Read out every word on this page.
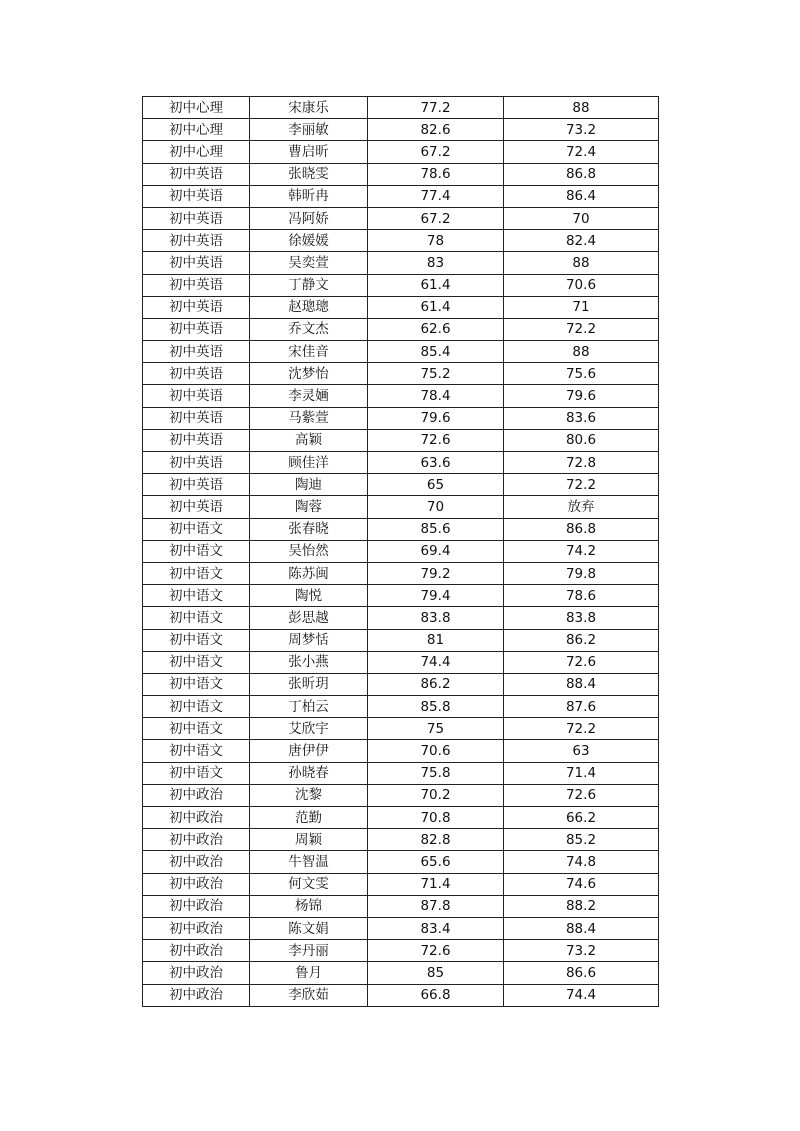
初中心理	宋康乐	77.2	88
初中心理	李丽敏	82.6	73.2
初中心理	曹启昕	67.2	72.4
初中英语	张晓雯	78.6	86.8
初中英语	韩昕冉	77.4	86.4
初中英语	冯阿娇	67.2	70
初中英语	徐媛媛	78	82.4
初中英语	吴奕萱	83	88
初中英语	丁静文	61.4	70.6
初中英语	赵璁璁	61.4	71
初中英语	乔文杰	62.6	72.2
初中英语	宋佳音	85.4	88
初中英语	沈梦怡	75.2	75.6
初中英语	李灵婳	78.4	79.6
初中英语	马紫萱	79.6	83.6
初中英语	高颖	72.6	80.6
初中英语	顾佳洋	63.6	72.8
初中英语	陶迪	65	72.2
初中英语	陶蓉	70	放弃
初中语文	张春晓	85.6	86.8
初中语文	吴怡然	69.4	74.2
初中语文	陈苏闽	79.2	79.8
初中语文	陶悦	79.4	78.6
初中语文	彭思越	83.8	83.8
初中语文	周梦恬	81	86.2
初中语文	张小燕	74.4	72.6
初中语文	张昕玥	86.2	88.4
初中语文	丁柏云	85.8	87.6
初中语文	艾欣宇	75	72.2
初中语文	唐伊伊	70.6	63
初中语文	孙晓春	75.8	71.4
初中政治	沈黎	70.2	72.6
初中政治	范勤	70.8	66.2
初中政治	周颖	82.8	85.2
初中政治	牛智温	65.6	74.8
初中政治	何文雯	71.4	74.6
初中政治	杨锦	87.8	88.2
初中政治	陈文娟	83.4	88.4
初中政治	李丹丽	72.6	73.2
初中政治	鲁月	85	86.6
初中政治	李欣茹	66.8	74.4
